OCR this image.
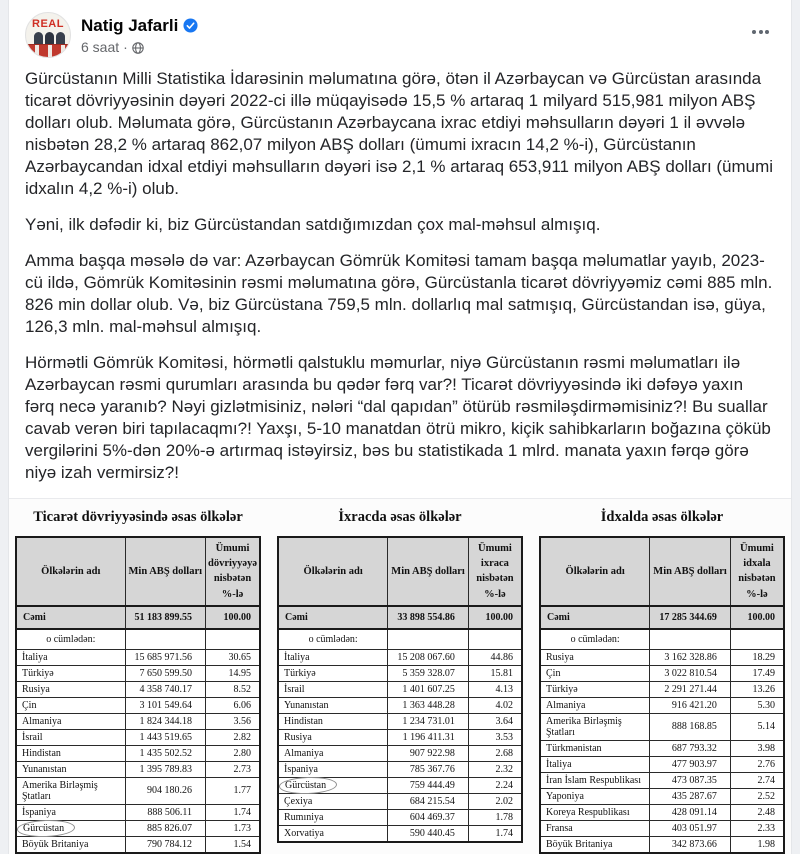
REAL	Natig Jafarli
6 saat ·

Gürcüstanın Milli Statistika İdarəsinin məlumatına görə, ötən il Azərbaycan və Gürcüstan arasında ticarət dövriyyəsinin dəyəri 2022-ci illə müqayisədə 15,5 % artaraq 1 milyard 515,981 milyon ABŞ dolları olub. Məlumata görə, Gürcüstanın Azərbaycana ixrac etdiyi məhsulların dəyəri 1 il əvvələ nisbətən 28,2 % artaraq 862,07 milyon ABŞ dolları (ümumi ixracın 14,2 %-i), Gürcüstanın Azərbaycandan idxal etdiyi məhsulların dəyəri isə 2,1 % artaraq 653,911 milyon ABŞ dolları (ümumi idxalın 4,2 %-i) olub.

Yəni, ilk dəfədir ki, biz Gürcüstandan satdığımızdan çox mal-məhsul almışıq.

Amma başqa məsələ də var: Azərbaycan Gömrük Komitəsi tamam başqa məlumatlar yayıb, 2023-cü ildə, Gömrük Komitəsinin rəsmi məlumatına görə, Gürcüstanla ticarət dövriyyəmiz cəmi 885 mln. 826 min dollar olub. Və, biz Gürcüstana 759,5 mln. dollarlıq mal satmışıq, Gürcüstandan isə, güya, 126,3 mln. mal-məhsul almışıq.

Hörmətli Gömrük Komitəsi, hörmətli qalstuklu məmurlar, niyə Gürcüstanın rəsmi məlumatları ilə Azərbaycan rəsmi qurumları arasında bu qədər fərq var?! Ticarət dövriyyəsində iki dəfəyə yaxın fərq necə yaranıb? Nəyi gizlətmisiniz, nələri “dal qapıdan” ötürüb rəsmiləşdirməmisiniz?! Bu suallar cavab verən biri tapılacaqmı?! Yaxşı, 5-10 manatdan ötrü mikro, kiçik sahibkarların boğazına çöküb vergilərini 5%-dən 20%-ə artırmaq istəyirsiz, bəs bu statistikada 1 mlrd. manata yaxın fərqə görə niyə izah vermirsiz?!

Ticarət dövriyyəsində əsas ölkələr
Ölkələrin adı	Min ABŞ dolları	Ümumi dövriyyəyə nisbətən %-lə
Cəmi	51 183 899.55	100.00
o cümlədən:		
İtaliya	15 685 971.56	30.65
Türkiyə	7 650 599.50	14.95
Rusiya	4 358 740.17	8.52
Çin	3 101 549.64	6.06
Almaniya	1 824 344.18	3.56
İsrail	1 443 519.65	2.82
Hindistan	1 435 502.52	2.80
Yunanıstan	1 395 789.83	2.73
Amerika Birləşmiş Ştatları	904 180.26	1.77
İspaniya	888 506.11	1.74
Gürcüstan	885 826.07	1.73
Böyük Britaniya	790 784.12	1.54
İxracda əsas ölkələr
Ölkələrin adı	Min ABŞ dolları	Ümumi ixraca nisbətən %-lə
Cəmi	33 898 554.86	100.00
o cümlədən:		
İtaliya	15 208 067.60	44.86
Türkiyə	5 359 328.07	15.81
İsrail	1 401 607.25	4.13
Yunanıstan	1 363 448.28	4.02
Hindistan	1 234 731.01	3.64
Rusiya	1 196 411.31	3.53
Almaniya	907 922.98	2.68
İspaniya	785 367.76	2.32
Gürcüstan	759 444.49	2.24
Çexiya	684 215.54	2.02
Rumıniya	604 469.37	1.78
Xorvatiya	590 440.45	1.74
İdxalda əsas ölkələr
Ölkələrin adı	Min ABŞ dolları	Ümumi idxala nisbətən %-lə
Cəmi	17 285 344.69	100.00
o cümlədən:		
Rusiya	3 162 328.86	18.29
Çin	3 022 810.54	17.49
Türkiyə	2 291 271.44	13.26
Almaniya	916 421.20	5.30
Amerika Birləşmiş Ştatları	888 168.85	5.14
Türkmənistan	687 793.32	3.98
İtaliya	477 903.97	2.76
İran İslam Respublikası	473 087.35	2.74
Yaponiya	435 287.67	2.52
Koreya Respublikası	428 091.14	2.48
Fransa	403 051.97	2.33
Böyük Britaniya	342 873.66	1.98
